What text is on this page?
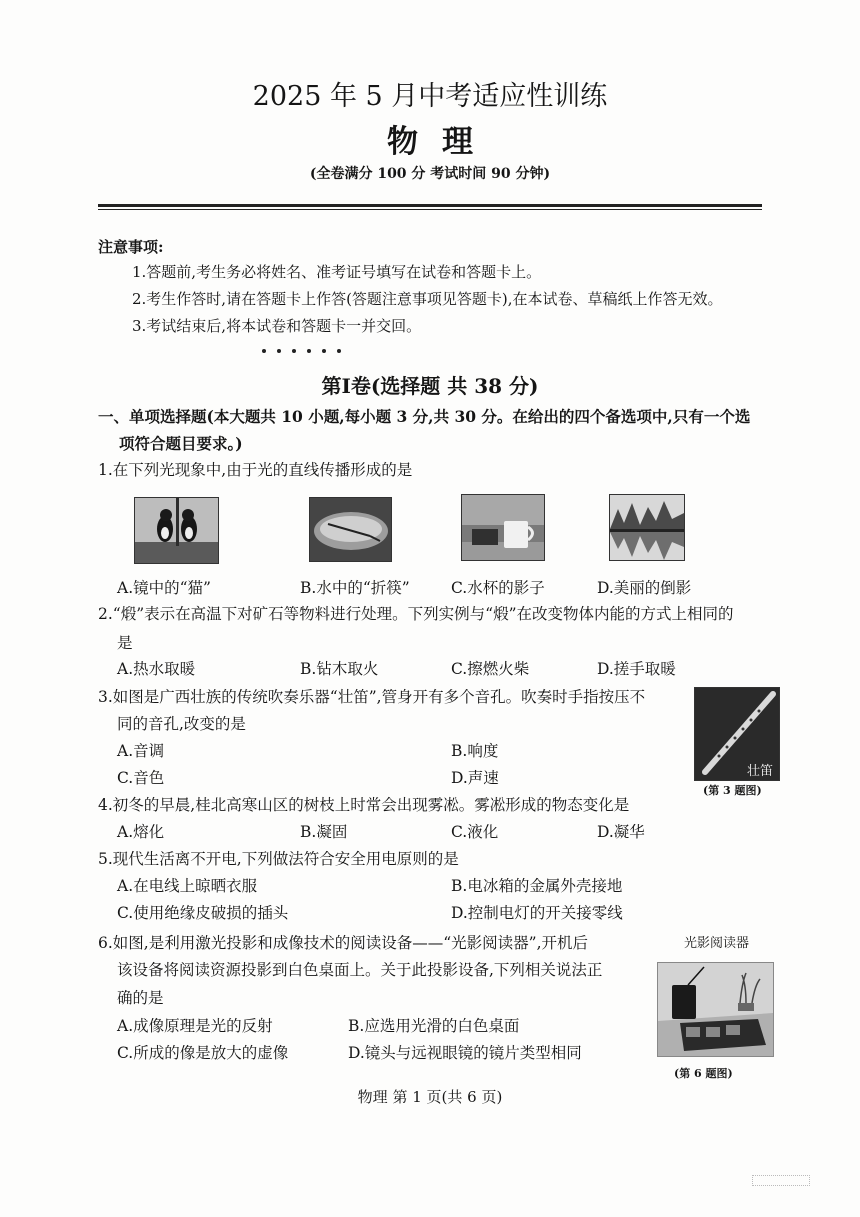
2025 年 5 月中考适应性训练
物理
(全卷满分 100 分 考试时间 90 分钟)
注意事项:
1.答题前,考生务必将姓名、准考证号填写在试卷和答题卡上。
2.考生作答时,请在答题卡上作答(答题注意事项见答题卡),在本试卷、草稿纸上作答无效。
3.考试结束后,将本试卷和答题卡一并交回。
第Ⅰ卷(选择题 共 38 分)
一、单项选择题(本大题共 10 小题,每小题 3 分,共 30 分。在给出的四个备选项中,只有一个选
项符合题目要求。)
1.在下列光现象中,由于光的直线传播形成的是
A.镜中的“猫”	B.水中的“折筷”	C.水杯的影子	D.美丽的倒影
2.“煅”表示在高温下对矿石等物料进行处理。下列实例与“煅”在改变物体内能的方式上相同的
是
A.热水取暖	B.钻木取火	C.擦燃火柴	D.搓手取暖
3.如图是广西壮族的传统吹奏乐器“壮笛”,管身开有多个音孔。吹奏时手指按压不
同的音孔,改变的是
A.音调	B.响度
C.音色	D.声速	壮笛
(第 3 题图)
4.初冬的早晨,桂北高寒山区的树枝上时常会出现雾凇。雾凇形成的物态变化是
A.熔化	B.凝固	C.液化	D.凝华
5.现代生活离不开电,下列做法符合安全用电原则的是
A.在电线上晾晒衣服	B.电冰箱的金属外壳接地
C.使用绝缘皮破损的插头	D.控制电灯的开关接零线
6.如图,是利用激光投影和成像技术的阅读设备——“光影阅读器”,开机后
该设备将阅读资源投影到白色桌面上。关于此投影设备,下列相关说法正
确的是
A.成像原理是光的反射	B.应选用光滑的白色桌面
C.所成的像是放大的虚像	D.镜头与远视眼镜的镜片类型相同
光影阅读器
(第 6 题图)
物理 第 1 页(共 6 页)
